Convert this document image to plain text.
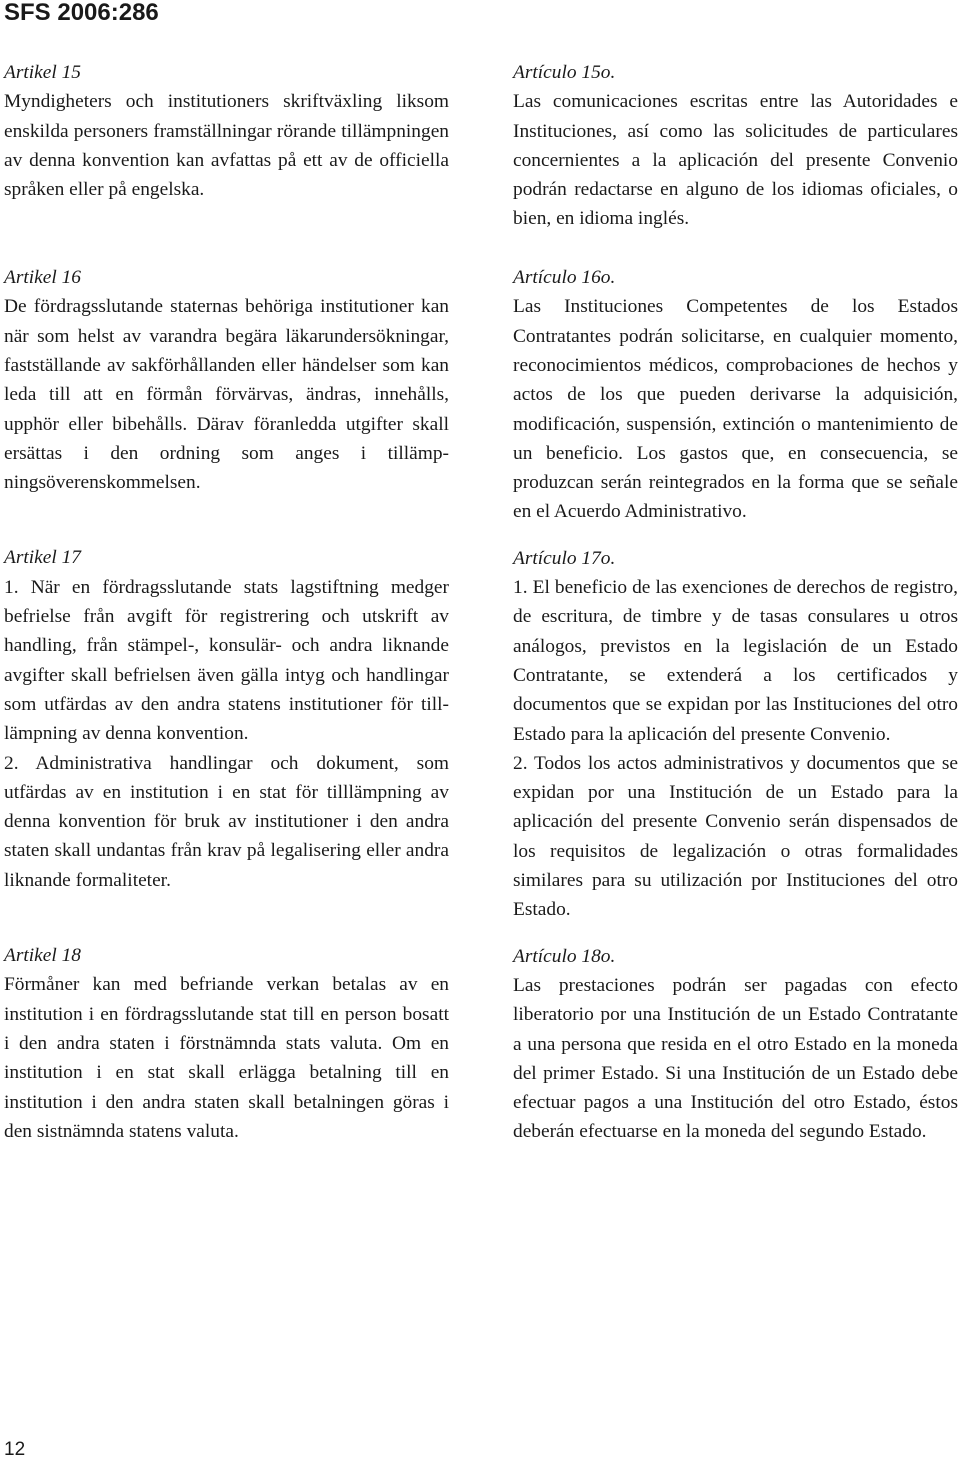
SFS 2006:286
Artikel 15
Myndigheters och institutioners skriftväxling liksom enskilda personers framställningar rörande tillämpningen av denna konvention kan avfattas på ett av de officiella språken eller på engelska.
Artikel 16
De fördragsslutande staternas behöriga institutioner kan när som helst av varandra begära läkarundersökningar, fastställande av sakförhållanden eller händelser som kan leda till att en förmån förvärvas, ändras, innehålls, upphör eller bibehålls. Därav föranledda utgifter skall ersättas i den ordning som anges i tillämpningsöverenskommelsen.
Artikel 17
1. När en fördragsslutande stats lagstiftning medger befrielse från avgift för registrering och utskrift av handling, från stämpel-, konsulär- och andra liknande avgifter skall befrielsen även gälla intyg och handlingar som utfärdas av den andra statens institutioner för tilllämpning av denna konvention.
2. Administrativa handlingar och dokument, som utfärdas av en institution i en stat för tilllämpning av denna konvention för bruk av institutioner i den andra staten skall undantas från krav på legalisering eller andra liknande formaliteter.
Artikel 18
Förmåner kan med befriande verkan betalas av en institution i en fördragsslutande stat till en person bosatt i den andra staten i förstnämnda stats valuta. Om en institution i en stat skall erlägga betalning till en institution i den andra staten skall betalningen göras i den sistnämnda statens valuta.
Artículo 15o.
Las comunicaciones escritas entre las Autoridades e Instituciones, así como las solicitudes de particulares concernientes a la aplicación del presente Convenio podrán redactarse en alguno de los idiomas oficiales, o bien, en idioma inglés.
Artículo 16o.
Las Instituciones Competentes de los Estados Contratantes podrán solicitarse, en cualquier momento, reconocimientos médicos, comprobaciones de hechos y actos de los que pueden derivarse la adquisición, modificación, suspensión, extinción o mantenimiento de un beneficio. Los gastos que, en consecuencia, se produzcan serán reintegrados en la forma que se señale en el Acuerdo Administrativo.
Artículo 17o.
1. El beneficio de las exenciones de derechos de registro, de escritura, de timbre y de tasas consulares u otros análogos, previstos en la legislación de un Estado Contratante, se extenderá a los certificados y documentos que se expidan por las Instituciones del otro Estado para la aplicación del presente Convenio.
2. Todos los actos administrativos y documentos que se expidan por una Institución de un Estado para la aplicación del presente Convenio serán dispensados de los requisitos de legalización o otras formalidades similares para su utilización por Instituciones del otro Estado.
Artículo 18o.
Las prestaciones podrán ser pagadas con efecto liberatorio por una Institución de un Estado Contratante a una persona que resida en el otro Estado en la moneda del primer Estado. Si una Institución de un Estado debe efectuar pagos a una Institución del otro Estado, éstos deberán efectuarse en la moneda del segundo Estado.
12
